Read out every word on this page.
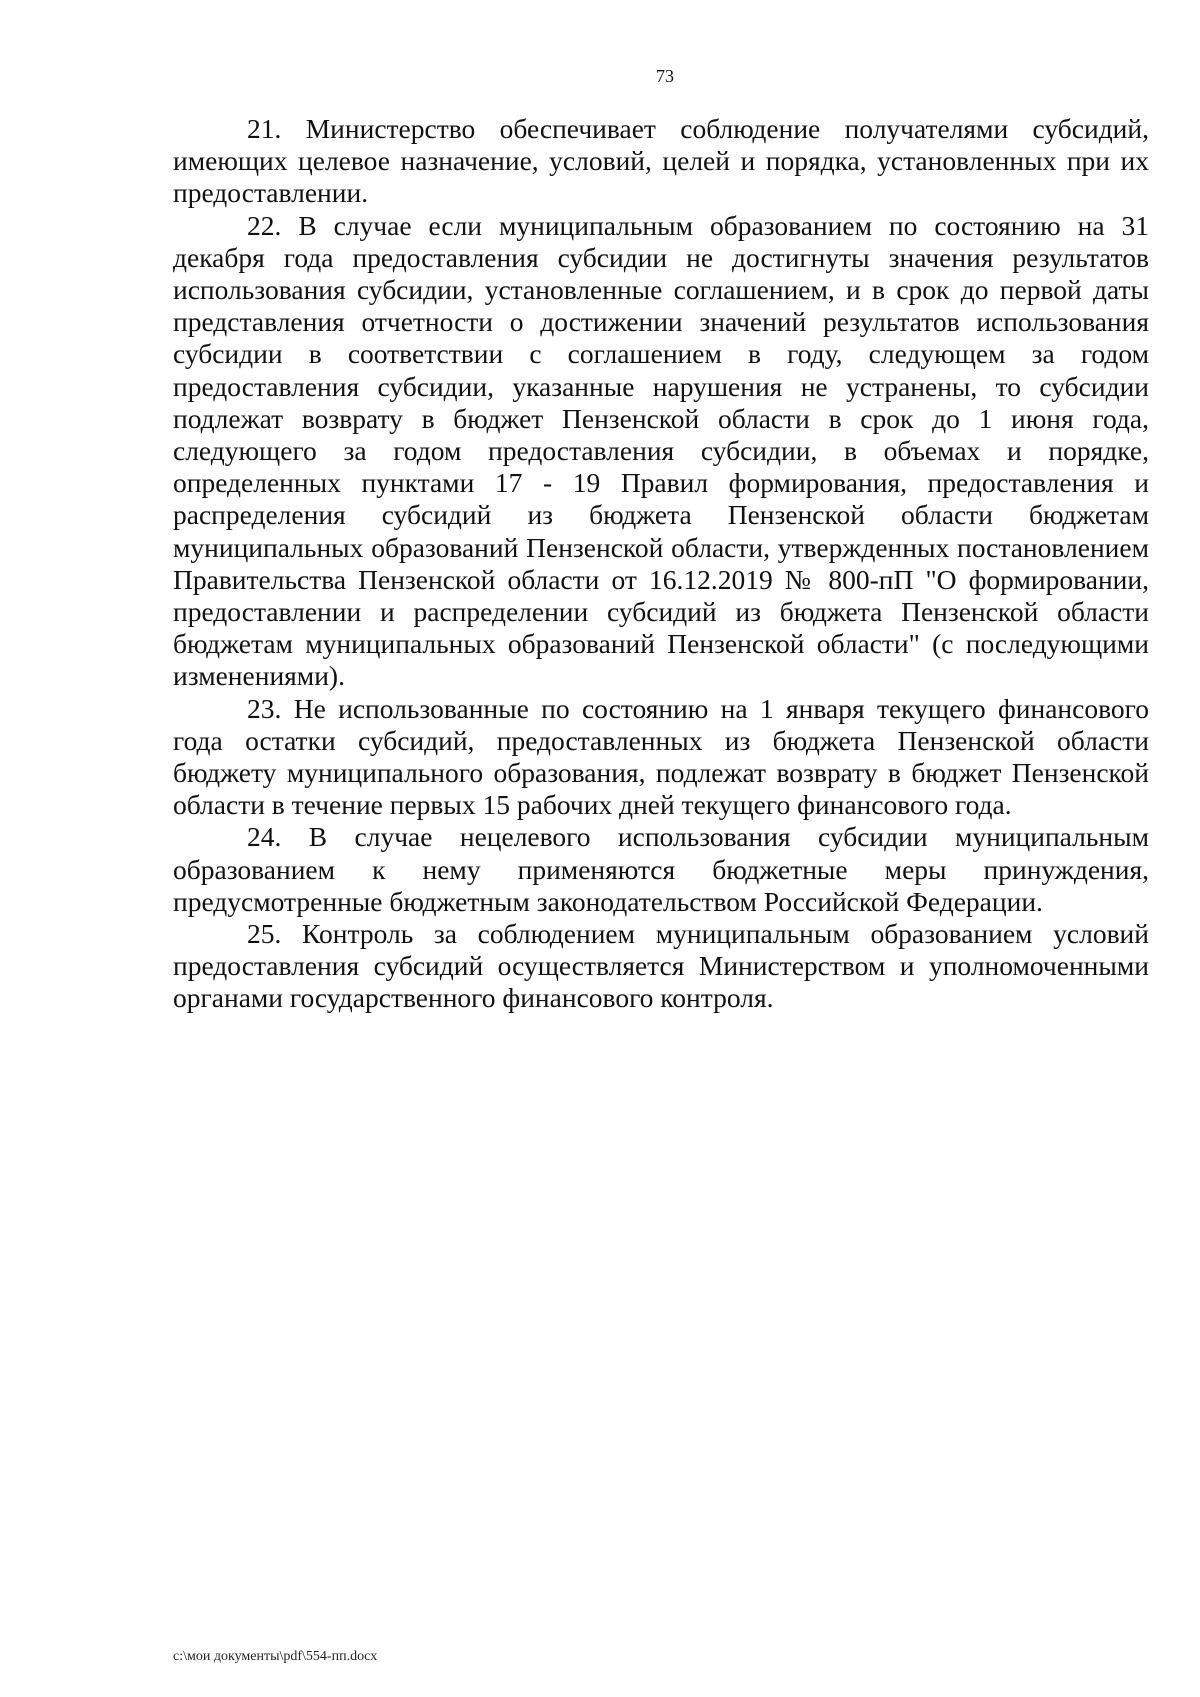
73

21. Министерство обеспечивает соблюдение получателями субсидий, имеющих целевое назначение, условий, целей и порядка, установленных при их предоставлении.

22. В случае если муниципальным образованием по состоянию на 31 декабря года предоставления субсидии не достигнуты значения результатов использования субсидии, установленные соглашением, и в срок до первой даты представления отчетности о достижении значений результатов использования субсидии в соответствии с соглашением в году, следующем за годом предоставления субсидии, указанные нарушения не устранены, то субсидии подлежат возврату в бюджет Пензенской области в срок до 1 июня года, следующего за годом предоставления субсидии, в объемах и порядке, определенных пунктами 17 - 19 Правил формирования, предоставления и распределения субсидий из бюджета Пензенской области бюджетам муниципальных образований Пензенской области, утвержденных постановлением Правительства Пензенской области от 16.12.2019 № 800-пП "О формировании, предоставлении и распределении субсидий из бюджета Пензенской области бюджетам муниципальных образований Пензенской области" (с последующими изменениями).

23. Не использованные по состоянию на 1 января текущего финансового года остатки субсидий, предоставленных из бюджета Пензенской области бюджету муниципального образования, подлежат возврату в бюджет Пензенской области в течение первых 15 рабочих дней текущего финансового года.

24. В случае нецелевого использования субсидии муниципальным образованием к нему применяются бюджетные меры принуждения, предусмотренные бюджетным законодательством Российской Федерации.

25. Контроль за соблюдением муниципальным образованием условий предоставления субсидий осуществляется Министерством и уполномоченными органами государственного финансового контроля.

c:\мои документы\pdf\554-пп.docx
